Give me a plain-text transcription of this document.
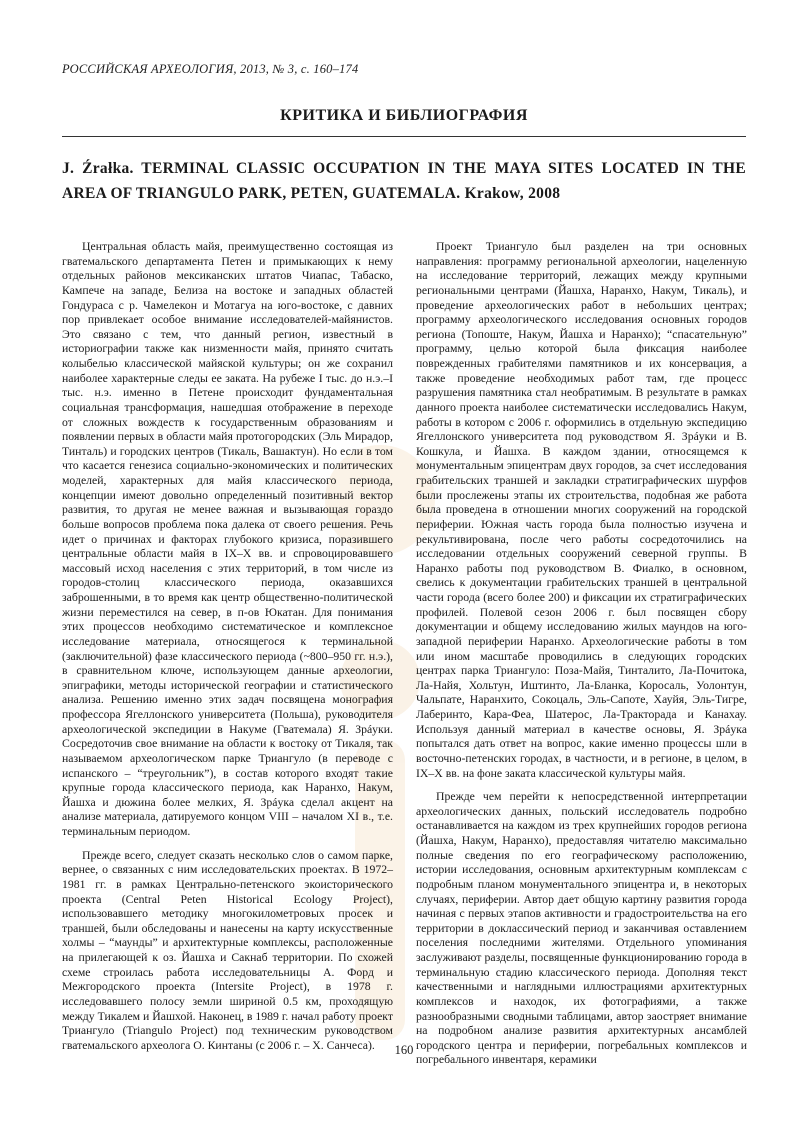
РОССИЙСКАЯ АРХЕОЛОГИЯ, 2013, № 3, с. 160–174
КРИТИКА И БИБЛИОГРАФИЯ
J. Źrałka. TERMINAL CLASSIC OCCUPATION IN THE MAYA SITES LOCATED IN THE AREA OF TRIANGULO PARK, PETEN, GUATEMALA. Krakow, 2008

Центральная область майя, преимущественно состоящая из гватемальского департамента Петен и примыкающих к нему отдельных районов мексиканских штатов Чиапас, Табаско, Кампече на западе, Белиза на востоке и западных областей Гондураса с р. Чамелекон и Мотагуа на юго-востоке, с давних пор привлекает особое внимание исследователей-майянистов. Это связано с тем, что данный регион, известный в историографии также как низменности майя, принято считать колыбелью классической майяской культуры; он же сохранил наиболее характерные следы ее заката. На рубеже I тыс. до н.э.–I тыс. н.э. именно в Петене происходит фундаментальная социальная трансформация, нашедшая отображение в переходе от сложных вождеств к государственным образованиям и появлении первых в области майя протогородских (Эль Мирадор, Тинталь) и городских центров (Тикаль, Вашактун). Но если в том что касается генезиса социально-экономических и политических моделей, характерных для майя классического периода, концепции имеют довольно определенный позитивный вектор развития, то другая не менее важная и вызывающая гораздо больше вопросов проблема пока далека от своего решения. Речь идет о причинах и факторах глубокого кризиса, поразившего центральные области майя в IX–X вв. и спровоцировавшего массовый исход населения с этих территорий, в том числе из городов-столиц классического периода, оказавшихся заброшенными, в то время как центр общественно-политической жизни переместился на север, в п-ов Юкатан. Для понимания этих процессов необходимо систематическое и комплексное исследование материала, относящегося к терминальной (заключительной) фазе классического периода (~800–950 гг. н.э.), в сравнительном ключе, использующем данные археологии, эпиграфики, методы исторической географии и статистического анализа. Решению именно этих задач посвящена монография профессора Ягеллонского университета (Польша), руководителя археологической экспедиции в Накуме (Гватемала) Я. Зрáуки. Сосредоточив свое внимание на области к востоку от Тикаля, так называемом археологическом парке Триангуло (в переводе с испанского – “треугольник”), в состав которого входят такие крупные города классического периода, как Наранхо, Накум, Йашха и дюжина более мелких, Я. Зрáука сделал акцент на анализе материала, датируемого концом VIII – началом XI в., т.е. терминальным периодом.

Прежде всего, следует сказать несколько слов о самом парке, вернее, о связанных с ним исследовательских проектах. В 1972–1981 гг. в рамках Центрально-петенского экоисторического проекта (Central Peten Historical Ecology Project), использовавшего методику многокилометровых просек и траншей, были обследованы и нанесены на карту искусственные холмы – “маунды” и архитектурные комплексы, расположенные на прилегающей к оз. Йашха и Сакнаб территории. По схожей схеме строилась работа исследовательницы А. Форд и Межгородского проекта (Intersite Project), в 1978 г. исследовавшего полосу земли шириной 0.5 км, проходящую между Тикалем и Йашхой. Наконец, в 1989 г. начал работу проект Триангуло (Triangulo Project) под техническим руководством гватемальского археолога О. Кинтаны (с 2006 г. – Х. Санчеса).

Проект Триангуло был разделен на три основных направления: программу региональной археологии, нацеленную на исследование территорий, лежащих между крупными региональными центрами (Йашха, Наранхо, Накум, Тикаль), и проведение археологических работ в небольших центрах; программу археологического исследования основных городов региона (Топоште, Накум, Йашха и Наранхо); “спасательную” программу, целью которой была фиксация наиболее поврежденных грабителями памятников и их консервация, а также проведение необходимых работ там, где процесс разрушения памятника стал необратимым. В результате в рамках данного проекта наиболее систематически исследовались Накум, работы в котором с 2006 г. оформились в отдельную экспедицию Ягеллонского университета под руководством Я. Зрáуки и В. Кошкула, и Йашха. В каждом здании, относящемся к монументальным эпицентрам двух городов, за счет исследования грабительских траншей и закладки стратиграфических шурфов были прослежены этапы их строительства, подобная же работа была проведена в отношении многих сооружений на городской периферии. Южная часть города была полностью изучена и рекультивирована, после чего работы сосредоточились на исследовании отдельных сооружений северной группы. В Наранхо работы под руководством В. Фиалко, в основном, свелись к документации грабительских траншей в центральной части города (всего более 200) и фиксации их стратиграфических профилей. Полевой сезон 2006 г. был посвящен сбору документации и общему исследованию жилых маундов на юго-западной периферии Наранхо. Археологические работы в том или ином масштабе проводились в следующих городских центрах парка Триангуло: Поза-Майя, Тинталито, Ла-Почитока, Ла-Найя, Хольтун, Иштинто, Ла-Бланка, Коросаль, Уолонтун, Чальпате, Наранхито, Сокоцаль, Эль-Сапоте, Хауйя, Эль-Тигре, Лаберинто, Кара-Феа, Шатерос, Ла-Тракторада и Канахау. Используя данный материал в качестве основы, Я. Зрáука попытался дать ответ на вопрос, какие именно процессы шли в восточно-петенских городах, в частности, и в регионе, в целом, в IX–X вв. на фоне заката классической культуры майя.

Прежде чем перейти к непосредственной интерпретации археологических данных, польский исследователь подробно останавливается на каждом из трех крупнейших городов региона (Йашха, Накум, Наранхо), предоставляя читателю максимально полные сведения по его географическому расположению, истории исследования, основным архитектурным комплексам с подробным планом монументального эпицентра и, в некоторых случаях, периферии. Автор дает общую картину развития города начиная с первых этапов активности и градостроительства на его территории в доклассический период и заканчивая оставлением поселения последними жителями. Отдельного упоминания заслуживают разделы, посвященные функционированию города в терминальную стадию классического периода. Дополняя текст качественными и наглядными иллюстрациями архитектурных комплексов и находок, их фотографиями, а также разнообразными сводными таблицами, автор заостряет внимание на подробном анализе развития архитектурных ансамблей городского центра и периферии, погребальных комплексов и погребального инвентаря, керамики

160
